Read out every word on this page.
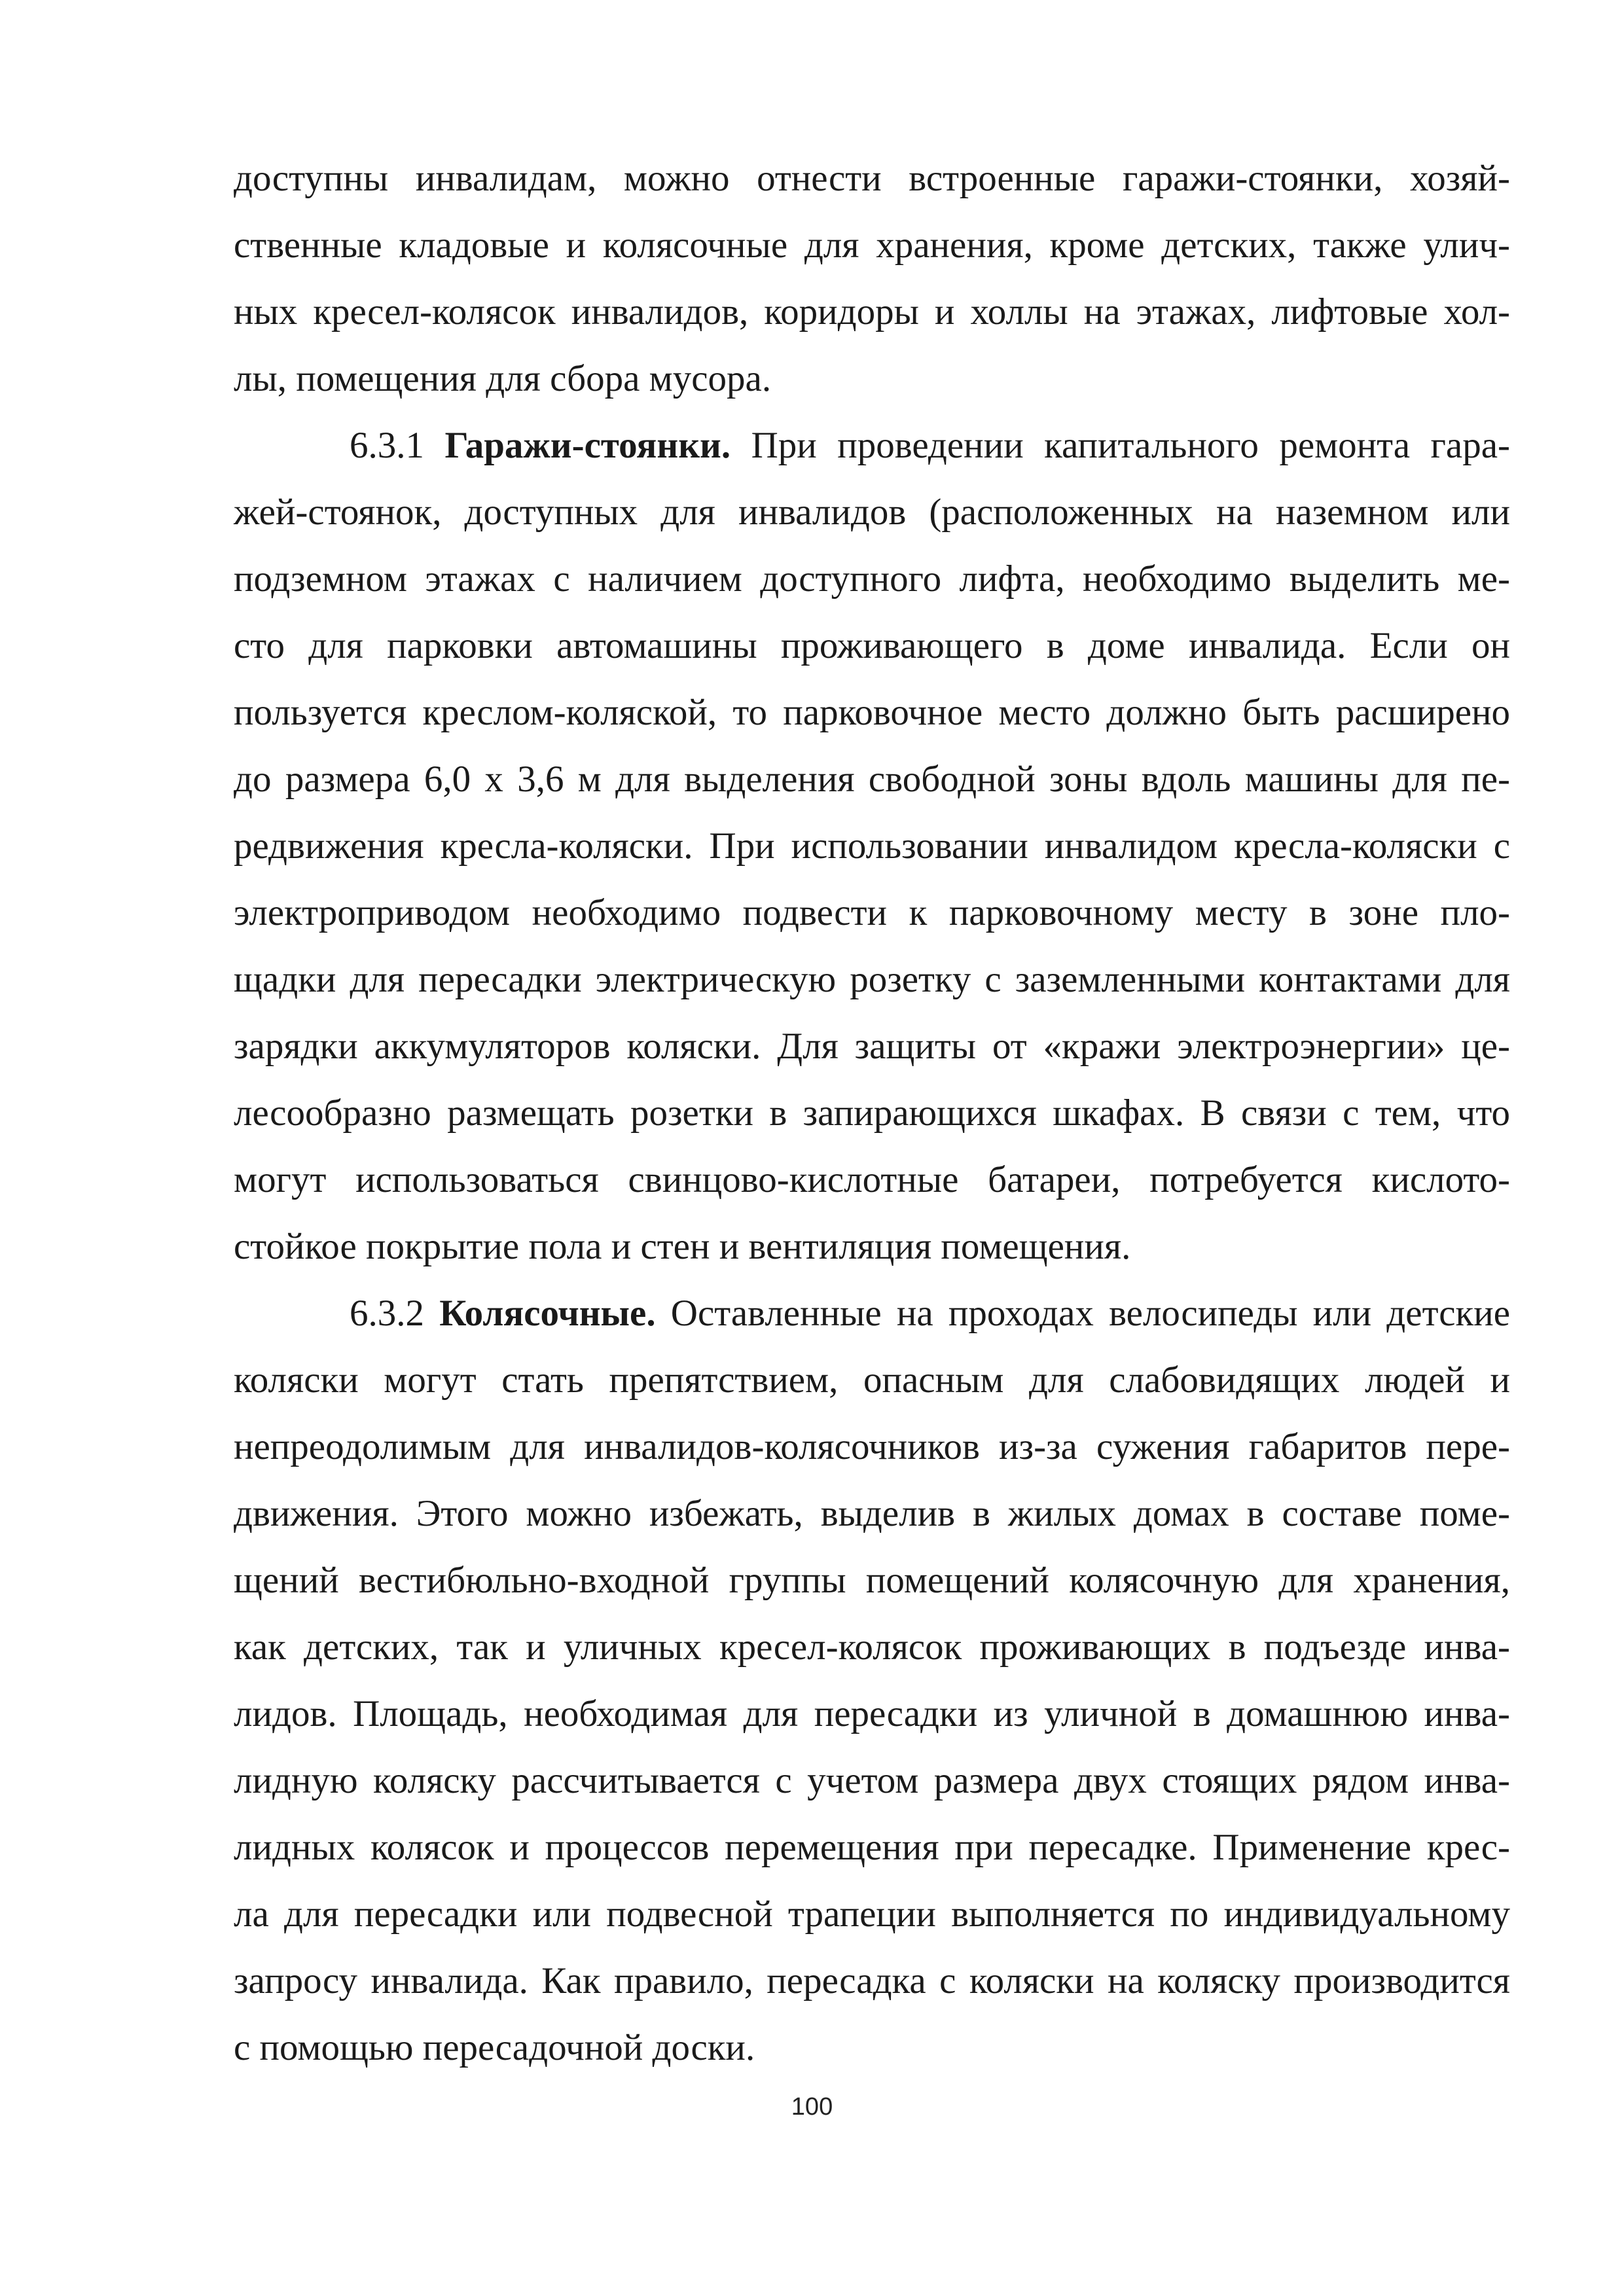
доступны инвалидам, можно отнести встроенные гаражи-стоянки, хозяй-
ственные кладовые и колясочные для хранения, кроме детских, также улич-
ных кресел-колясок инвалидов, коридоры и холлы на этажах, лифтовые хол-
лы, помещения для сбора мусора.
6.3.1 Гаражи-стоянки. При проведении капитального ремонта гара-
жей-стоянок, доступных для инвалидов (расположенных на наземном или
подземном этажах с наличием доступного лифта, необходимо выделить ме-
сто для парковки автомашины проживающего в доме инвалида. Если он
пользуется креслом-коляской, то парковочное место должно быть расширено
до размера 6,0 х 3,6 м для выделения свободной зоны вдоль машины для пе-
редвижения кресла-коляски. При использовании инвалидом кресла-коляски с
электроприводом необходимо подвести к парковочному месту в зоне пло-
щадки для пересадки электрическую розетку с заземленными контактами для
зарядки аккумуляторов коляски. Для защиты от «кражи электроэнергии» це-
лесообразно размещать розетки в запирающихся шкафах. В связи с тем, что
могут использоваться свинцово-кислотные батареи, потребуется кислото-
стойкое покрытие пола и стен и вентиляция помещения.
6.3.2 Колясочные. Оставленные на проходах велосипеды или детские
коляски могут стать препятствием, опасным для слабовидящих людей и
непреодолимым для инвалидов-колясочников из-за сужения габаритов пере-
движения. Этого можно избежать, выделив в жилых домах в составе поме-
щений вестибюльно-входной группы помещений колясочную для хранения,
как детских, так и уличных кресел-колясок проживающих в подъезде инва-
лидов. Площадь, необходимая для пересадки из уличной в домашнюю инва-
лидную коляску рассчитывается с учетом размера двух стоящих рядом инва-
лидных колясок и процессов перемещения при пересадке. Применение крес-
ла для пересадки или подвесной трапеции выполняется по индивидуальному
запросу инвалида. Как правило, пересадка с коляски на коляску производится
с помощью пересадочной доски.
100
